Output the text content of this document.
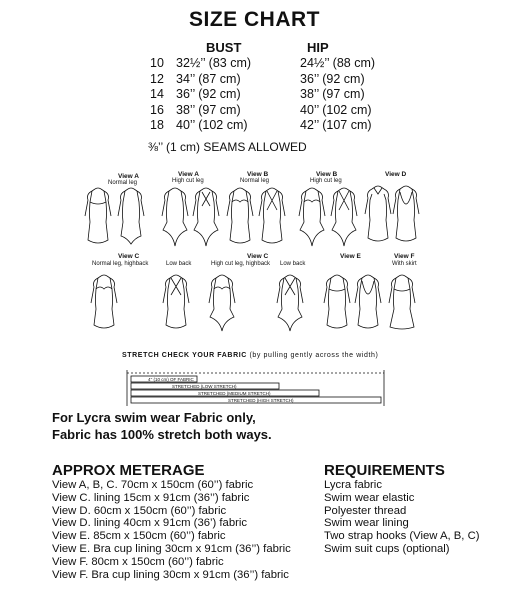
SIZE CHART
BUST	HIP
10 32½’’ (83 cm)	24½’’ (88 cm)
12 34’’ (87 cm)	36’’ (92 cm)
14 36’’ (92 cm)	38’’ (97 cm)
16 38’’ (97 cm)	40’’ (102 cm)
18 40’’ (102 cm)	42’’ (107 cm)
⅜’’ (1 cm) SEAMS ALLOWED
View A
Normal leg
View A
High cut leg
View B
Normal leg
View B
High cut leg
View D
View C
Normal leg, highback	Low back
View C
High cut leg, highback Low back
View E	View F
With skirt
4’’ (10 cm) OF FABRIC
STRETCHED (LOW STRETCH)
STRETCHED (MEDIUM STRETCH)
STRETCHED (HIGH STRETCH)
STRETCH CHECK YOUR FABRIC (by pulling gently across the width)
For Lycra swim wear Fabric only,
Fabric has 100% stretch both ways.
APPROX METERAGE
View A, B, C. 70cm x 150cm (60’’) fabric
View C. lining 15cm x 91cm (36’’) fabric
View D. 60cm x 150cm (60’’) fabric
View D. lining 40cm x 91cm (36’) fabric
View E. 85cm x 150cm (60’’) fabric
View E. Bra cup lining 30cm x 91cm (36’’) fabric
View F. 80cm x 150cm (60’’) fabric
View F. Bra cup lining 30cm x 91cm (36’’) fabric
REQUIREMENTS
Lycra fabric
Swim wear elastic
Polyester thread
Swim wear lining
Two strap hooks (View A, B, C)
Swim suit cups (optional)
